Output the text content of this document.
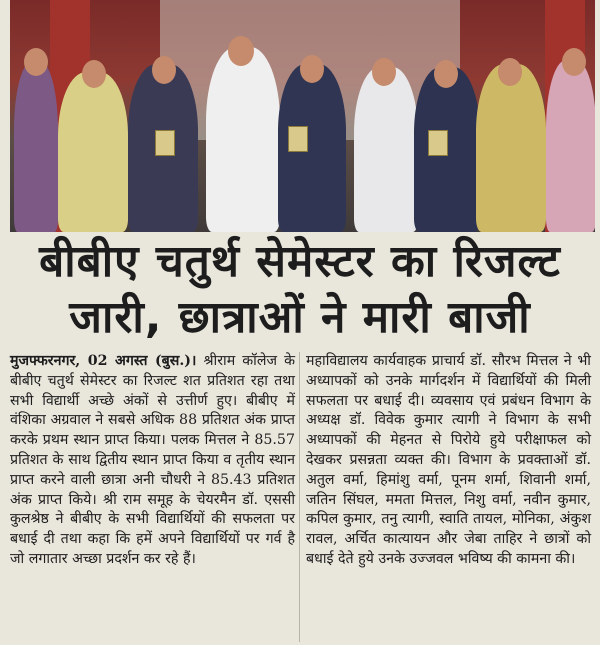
बीबीए चतुर्थ सेमेस्टर का रिजल्ट
जारी, छात्राओं ने मारी बाजी

मुजफ्फरनगर, 02 अगस्त (बुस.)। श्रीराम कॉलेज के बीबीए चतुर्थ सेमेस्टर का रिजल्ट शत प्रतिशत रहा तथा सभी विद्यार्थी अच्छे अंकों से उत्तीर्ण हुए। बीबीए में वंशिका अग्रवाल ने सबसे अधिक 88 प्रतिशत अंक प्राप्त करके प्रथम स्थान प्राप्त किया। पलक मित्तल ने 85.57 प्रतिशत के साथ द्वितीय स्थान प्राप्त किया व तृतीय स्थान प्राप्त करने वाली छात्रा अनी चौधरी ने 85.43 प्रतिशत अंक प्राप्त किये। श्री राम समूह के चेयरमैन डॉ. एससी कुलश्रेष्ठ ने बीबीए के सभी विद्यार्थियों की सफलता पर बधाई दी तथा कहा कि हमें अपने विद्यार्थियों पर गर्व है जो लगातार अच्छा प्रदर्शन कर रहे हैं।

महाविद्यालय कार्यवाहक प्राचार्य डॉ. सौरभ मित्तल ने भी अध्यापकों को उनके मार्गदर्शन में विद्यार्थियों की मिली सफलता पर बधाई दी। व्यवसाय एवं प्रबंधन विभाग के अध्यक्ष डॉ. विवेक कुमार त्यागी ने विभाग के सभी अध्यापकों की मेहनत से पिरोये हुये परीक्षाफल को देखकर प्रसन्नता व्यक्त की। विभाग के प्रवक्ताओं डॉ. अतुल वर्मा, हिमांशु वर्मा, पूनम शर्मा, शिवानी शर्मा, जतिन सिंघल, ममता मित्तल, निशु वर्मा, नवीन कुमार, कपिल कुमार, तनु त्यागी, स्वाति तायल, मोनिका, अंकुश रावल, अर्चित कात्यायन और जेबा ताहिर ने छात्रों को बधाई देते हुये उनके उज्जवल भविष्य की कामना की।
